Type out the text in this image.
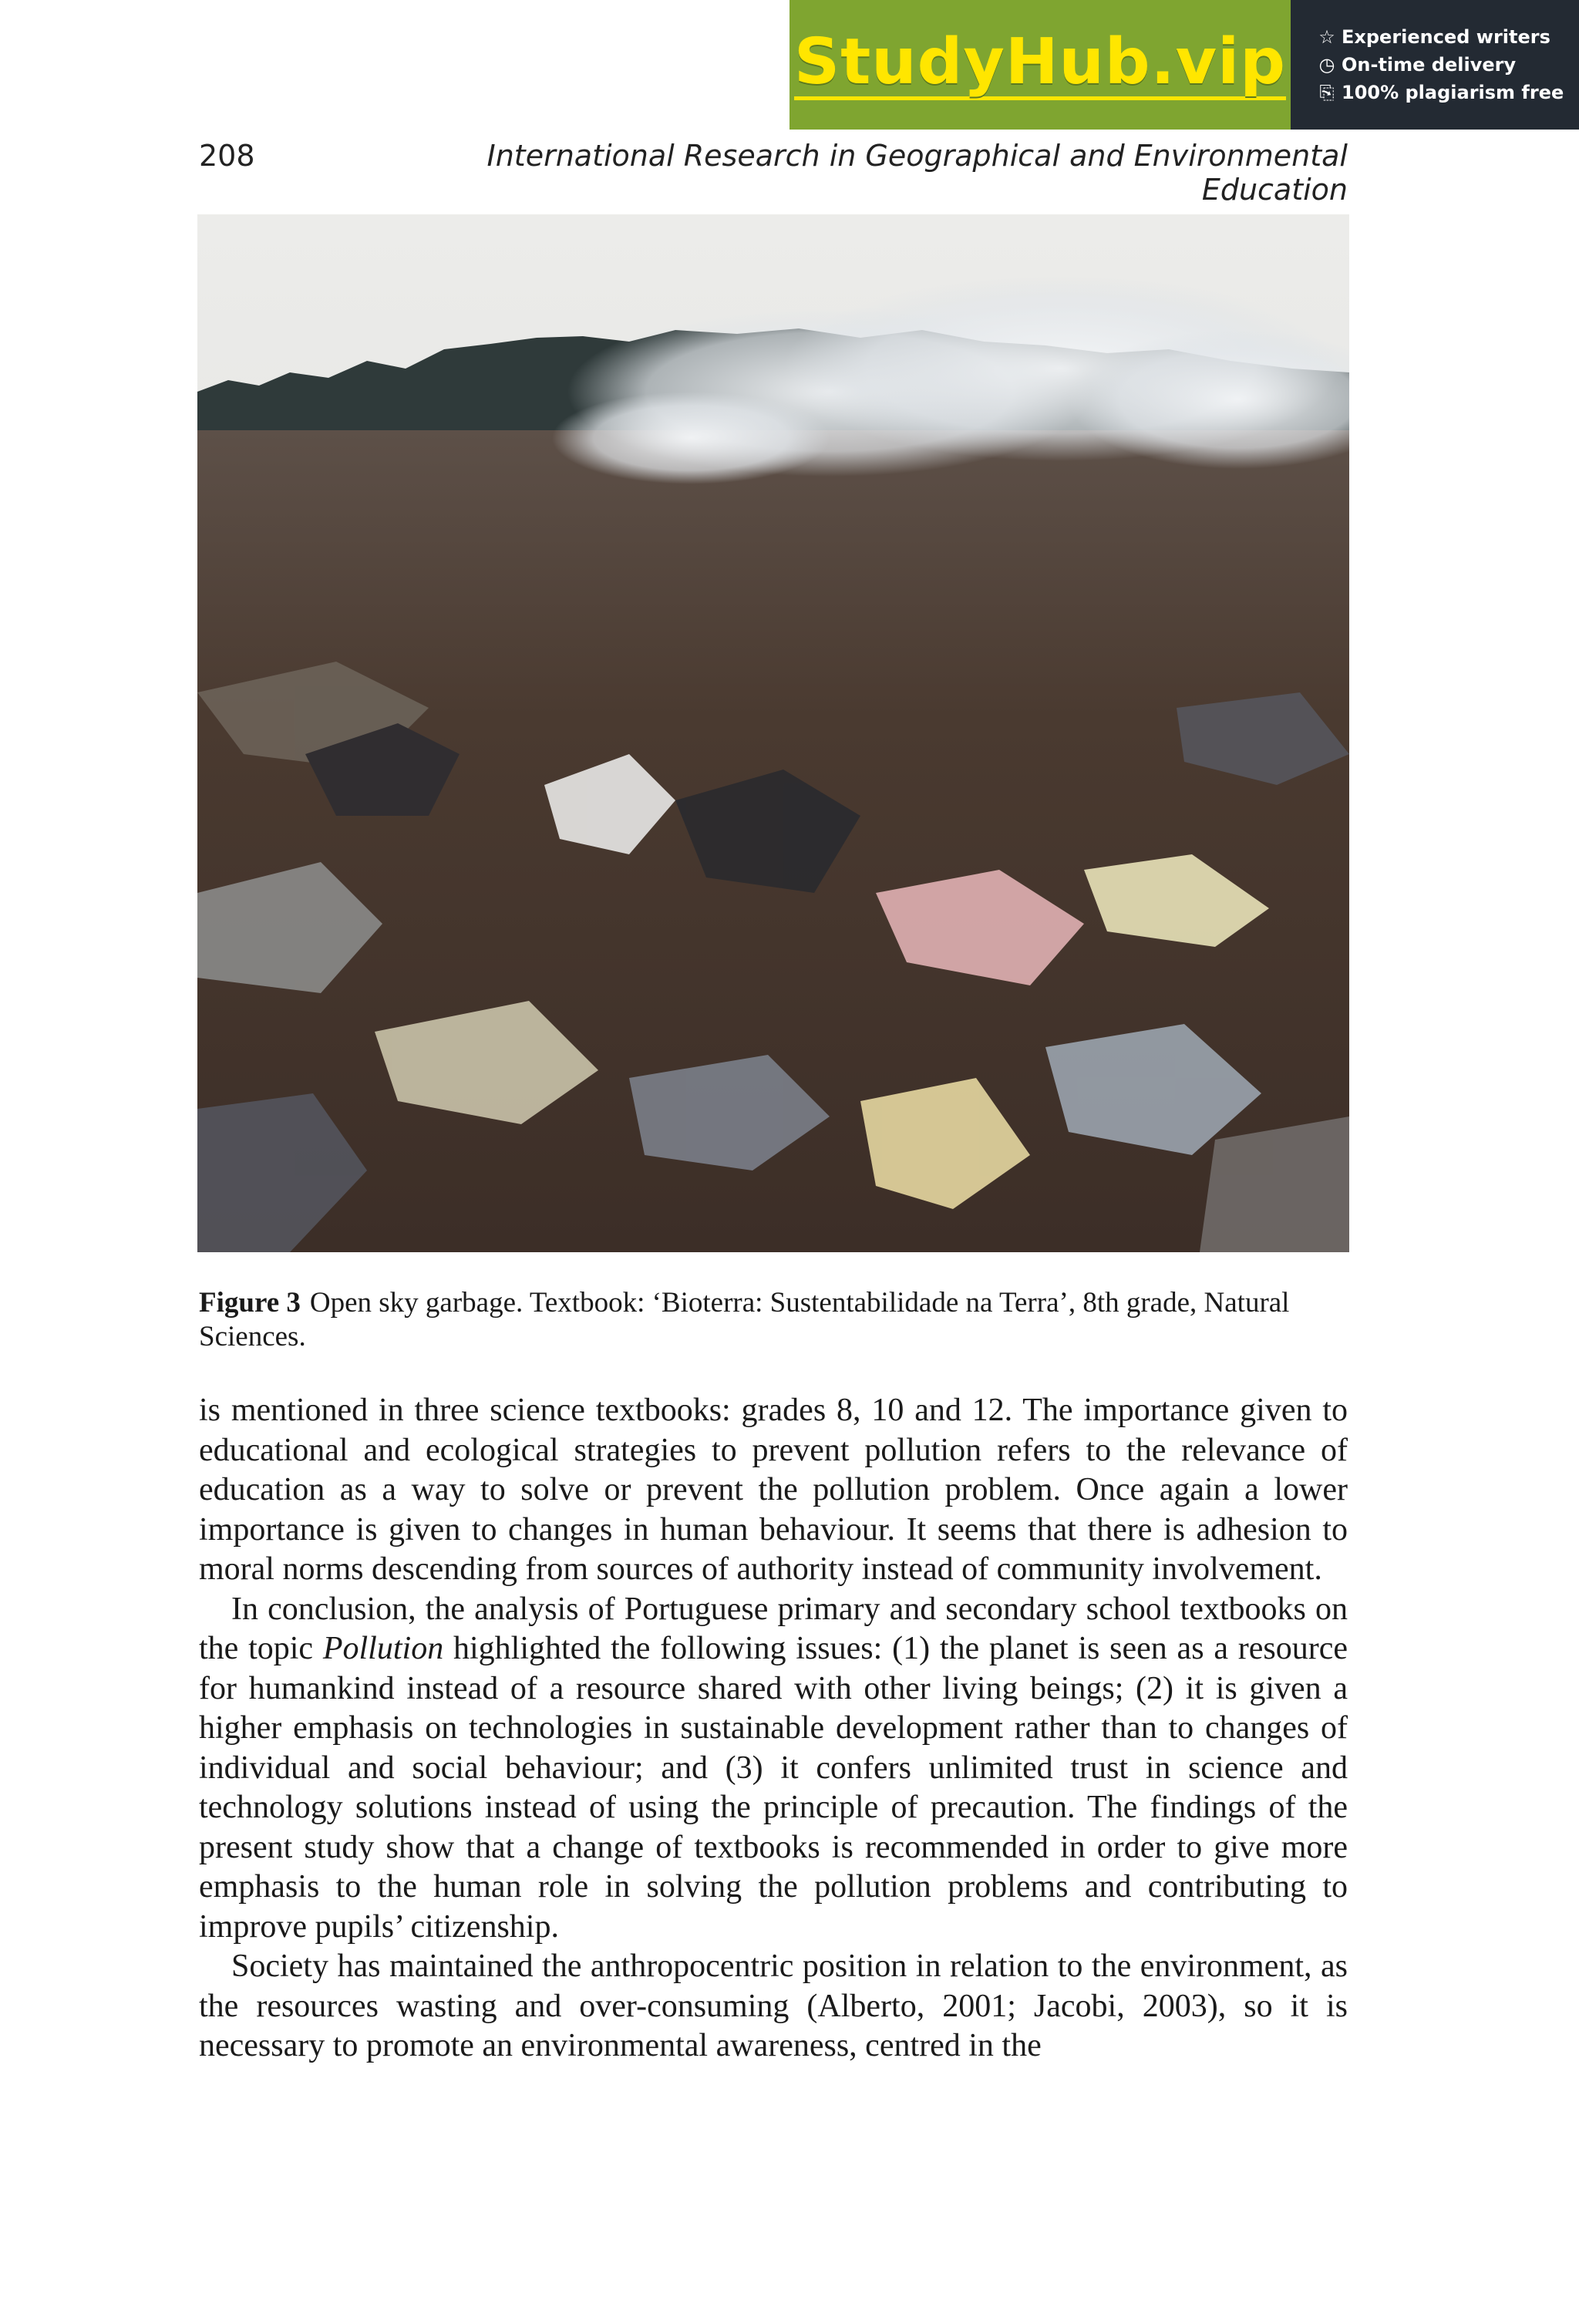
StudyHub.vip ☆ Experienced writers
◷ On-time delivery
⎘ 100% plagiarism free
208	International Research in Geographical and Environmental Education
Figure 3 Open sky garbage. Textbook: ‘Bioterra: Sustentabilidade na Terra’, 8th grade, Natural Sciences.

is mentioned in three science textbooks: grades 8, 10 and 12. The importance given to educational and ecological strategies to prevent pollution refers to the relevance of education as a way to solve or prevent the pollution problem. Once again a lower importance is given to changes in human behaviour. It seems that there is adhesion to moral norms descending from sources of authority instead of community involvement.

In conclusion, the analysis of Portuguese primary and secondary school textbooks on the topic Pollution highlighted the following issues: (1) the planet is seen as a resource for humankind instead of a resource shared with other living beings; (2) it is given a higher emphasis on technologies in sustainable development rather than to changes of individual and social behaviour; and (3) it confers unlimited trust in science and technology solutions instead of using the principle of precaution. The findings of the present study show that a change of textbooks is recommended in order to give more emphasis to the human role in solving the pollution problems and contributing to improve pupils’ citizenship.

Society has maintained the anthropocentric position in relation to the environment, as the resources wasting and over-consuming (Alberto, 2001; Jacobi, 2003), so it is necessary to promote an environmental awareness, centred in the
